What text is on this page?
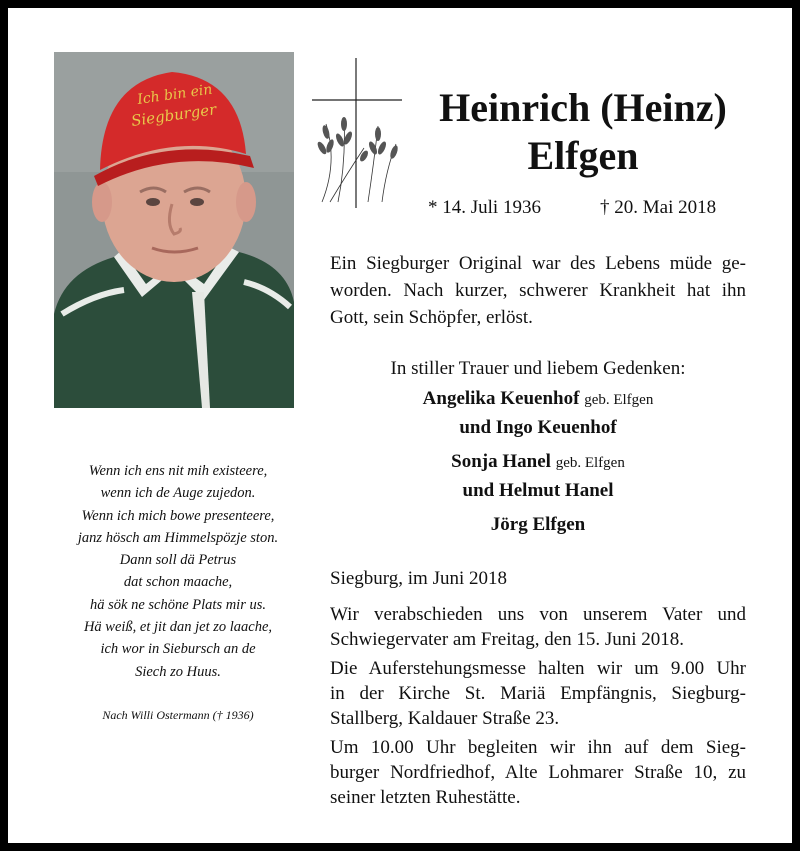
Ich bin ein
Siegburger	Heinrich (Heinz)
Elfgen
* 14. Juli 1936	† 20. Mai 2018
Ein Siegburger Original war des Lebens müde ge-
worden. Nach kurzer, schwerer Krankheit hat ihn
Gott, sein Schöpfer, erlöst.
In stiller Trauer und liebem Gedenken:
Angelika Keuenhof geb. Elfgen
und Ingo Keuenhof
Sonja Hanel geb. Elfgen
und Helmut Hanel
Jörg Elfgen
Wenn ich ens nit mih existeere,
wenn ich de Auge zujedon.
Wenn ich mich bowe presenteere,
janz hösch am Himmelspözje ston.
Dann soll dä Petrus
dat schon maache,
hä sök ne schöne Plats mir us.
Hä weiß, et jit dan jet zo laache,
ich wor in Siebursch an de
Siech zo Huus.
Nach Willi Ostermann († 1936)
Siegburg, im Juni 2018
Wir verabschieden uns von unserem Vater und
Schwiegervater am Freitag, den 15. Juni 2018.
Die Auferstehungsmesse halten wir um 9.00 Uhr
in der Kirche St. Mariä Empfängnis, Siegburg-
Stallberg, Kaldauer Straße 23.
Um 10.00 Uhr begleiten wir ihn auf dem Sieg-
burger Nordfriedhof, Alte Lohmarer Straße 10, zu
seiner letzten Ruhestätte.
